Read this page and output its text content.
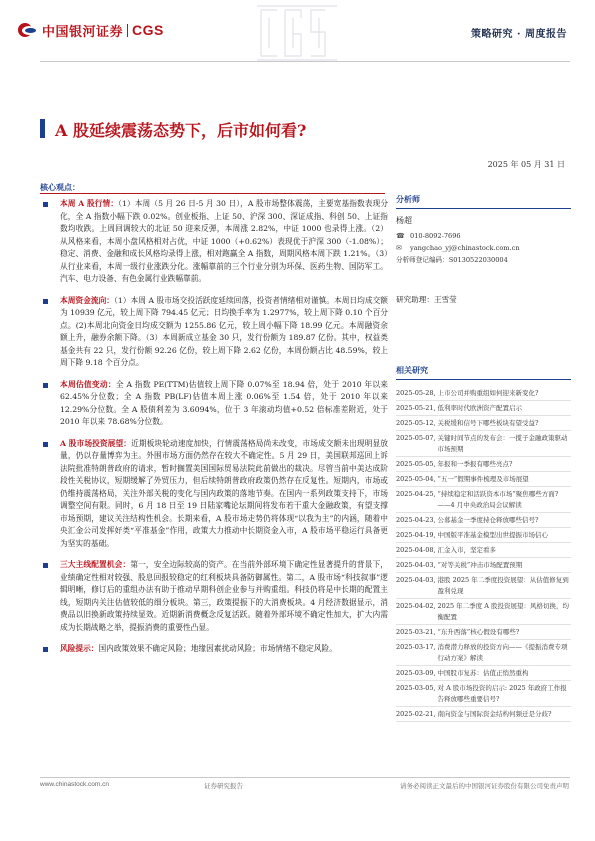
中国银河证券 CGS	策略研究 · 周度报告
A 股延续震荡态势下，后市如何看?
2025 年 05 月 31 日
核心观点：
本周 A 股行情：（1）本周（5 月 26 日-5 月 30 日），A 股市场整体震荡，主要宽基指数表现分化，全 A 指数小幅下跌 0.02%。创业板指、上证 50、沪深 300、深证成指、科创 50、上证指数均收跌。上周回调较大的北证 50 迎来反弹，本周涨 2.82%，中证 1000 也录得上涨。（2）从风格来看，本周小盘风格相对占优，中证 1000（+0.62%）表现优于沪深 300（-1.08%）；稳定、消费、金融和成长风格均录得上涨，相对跑赢全 A 指数，周期风格本周下跌 1.21%。（3）从行业来看，本周一级行业涨跌分化。涨幅靠前的三个行业分别为环保、医药生物、国防军工。汽车、电力设备、有色金属行业跌幅靠前。
本周资金流向：（1）本周 A 股市场交投活跃度延续回落，投资者情绪相对谨慎。本周日均成交额为 10939 亿元，较上周下降 794.45 亿元；日均换手率为 1.2977%，较上周下降 0.10 个百分点。(2)本周北向资金日均成交额为 1255.86 亿元，较上周小幅下降 18.99 亿元。本周融资余额上升，融券余额下降。（3）本周新成立基金 30 只，发行份额为 189.87 亿份。其中，权益类基金共有 22 只，发行份额 92.26 亿份，较上周下降 2.62 亿份，本周份额占比 48.59%，较上周下降 9.18 个百分点。
本周估值变动：全 A 指数 PE(TTM)估值较上周下降 0.07%至 18.94 倍，处于 2010 年以来 62.45%分位数；全 A 指数 PB(LF)估值本周上涨 0.06%至 1.54 倍，处于 2010 年以来 12.29%分位数。全 A 股债利差为 3.6094%，位于 3 年滚动均值+0.52 倍标准差附近，处于 2010 年以来 78.68%分位数。
A 股市场投资展望：近期板块轮动速度加快，行情震荡格局尚未改变，市场成交额未出现明显放量，仍以存量博弈为主。外围市场方面仍然存在较大不确定性。5 月 29 日，美国联邦巡回上诉法院批准特朗普政府的请求，暂时搁置美国国际贸易法院此前做出的裁决。尽管当前中美达成阶段性关税协议，短期缓解了外贸压力，但后续特朗普政府政策仍然存在反复性。短期内，市场或仍维持震荡格局，关注外部关税的变化与国内政策的落地节奏。在国内一系列政策支持下，市场调整空间有限。同时，6 月 18 日至 19 日陆家嘴论坛期间将发布若干重大金融政策，有望支撑市场预期，建议关注结构性机会。长期来看，A 股市场走势仍将体现“以我为主”的内涵，随着中央汇金公司发挥好类“平准基金”作用，政策大力推动中长期资金入市，A 股市场平稳运行具备更为坚实的基础。
三大主线配置机会：第一，安全边际较高的资产。在当前外部环境下确定性显著提升的背景下，业绩确定性相对较强、股息回报较稳定的红利板块具备防御属性。第二，A 股市场“科技叙事”逻辑明晰，修订后的重组办法有助于推动早期科创企业参与并购重组。科技仍将是中长期的配置主线，短期内关注估值较低的细分板块。第三，政策提振下的大消费板块。4 月经济数据显示，消费品以旧换新政策持续显效。近期新消费概念反复活跃。随着外部环境不确定性加大，扩大内需成为长期战略之举，提振消费的重要性凸显。
风险提示：国内政策效果不确定风险；地缘因素扰动风险；市场情绪不稳定风险。
分析师
杨超
☎ 010-8092-7696
✉	yangchao_yj@chinastock.com.cn
分析师登记编码： S0130522030004
研究助理：王雪莹
相关研究
2025-05-28, 上市公司并购重组如何迎来新变化?
2025-05-21, 低利率时代欧洲资产配置启示
2025-05-12, 关税缓和信号下哪些板块有望受益?
2025-05-07, 关键时间节点的发布会：一揽子金融政策驱动市场预期
2025-05-05, 年报和一季报有哪些亮点?
2025-05-04, “五一”假期事件梳理及市场展望
2025-04-25, “持续稳定和活跃资本市场”聚焦哪些方面? ——4 月中央政治局会议解读
2025-04-23, 公募基金一季度持仓释放哪些信号?
2025-04-19, 中国版平准基金模型出世提振市场信心
2025-04-08, 汇金入市，坚定看多
2025-04-03, “对等关税”冲击市场配置预期
2025-04-03, 港股 2025 年二季度投资展望：从估值修复到盈利兑现
2025-04-02, 2025 年二季度 A 股投资展望：风格切换，均衡配置
2025-03-21, “东升西落”核心假设有哪些?
2025-03-17, 消费潜力释放的投资方向——《提振消费专项行动方案》解读
2025-03-09, 中国股市复苏：估值正悄然重构
2025-03-05, 对 A 股市场投资的启示: 2025 年政府工作报告释放哪些重要信号?
2025-02-21, 南向资金与国际资金结构何频迁是分歧?
www.chinastock.com.cn	证券研究报告	请务必阅读正文最后的中国银河证券股份有限公司免责声明
